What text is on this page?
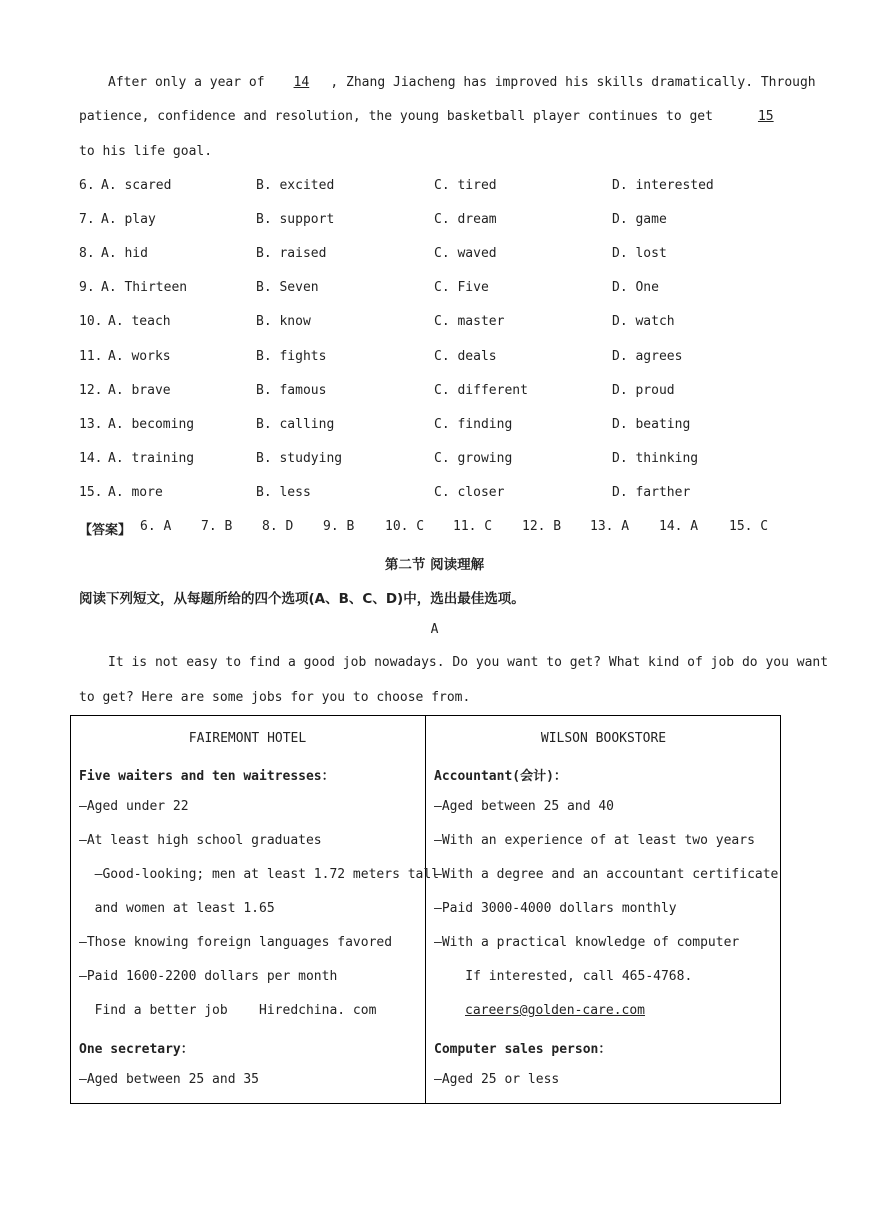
After only a year of 14 , Zhang Jiacheng has improved his skills dramatically. Through
patience, confidence and resolution, the young basketball player continues to get	15
to his life goal.
6. A. scared	B. excited	C. tired	D. interested
7. A. play	B. support	C. dream	D. game
8. A. hid	B. raised	C. waved	D. lost
9. A. Thirteen	B. Seven	C. Five	D. One
10. A. teach	B. know	C. master	D. watch
11. A. works	B. fights	C. deals	D. agrees
12. A. brave	B. famous	C. different	D. proud
13. A. becoming	B. calling	C. finding	D. beating
14. A. training	B. studying	C. growing	D. thinking
15. A. more	B. less	C. closer	D. farther
【答案】 6. A 7. B 8. D 9. B 10. C 11. C 12. B 13. A 14. A 15. C
第二节 阅读理解
阅读下列短文，从每题所给的四个选项(A、B、C、D)中，选出最佳选项。
A
It is not easy to find a good job nowadays. Do you want to get? What kind of job do you want
to get? Here are some jobs for you to choose from.

FAIREMONT HOTEL
Five waiters and ten waitresses：
—Aged under 22
—At least high school graduates
—Good-looking; men at least 1.72 meters tall
and women at least 1.65
—Those knowing foreign languages favored
—Paid 1600-2200 dollars per month
Find a better job    Hiredchina. com
One secretary：
—Aged between 25 and 35
WILSON BOOKSTORE
Accountant(会计)：
—Aged between 25 and 40
—With an experience of at least two years
—With a degree and an accountant certificate
—Paid 3000-4000 dollars monthly
—With a practical knowledge of computer
If interested, call 465-4768.
careers@golden-care.com
Computer sales person：
—Aged 25 or less
